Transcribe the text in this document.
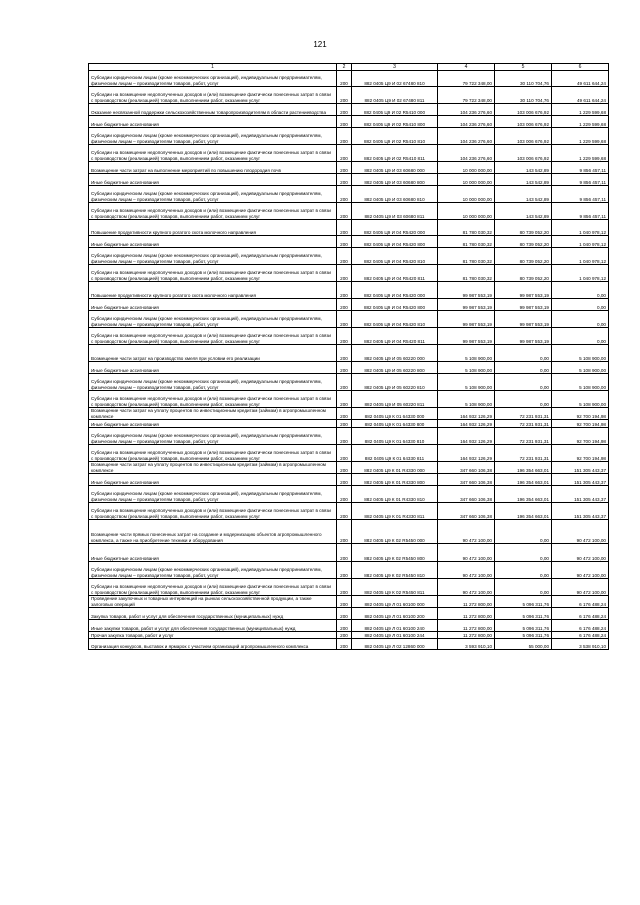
121
1	2	3	4	5	6
Субсидии юридическим лицам (кроме некоммерческих организаций), индивидуальным предпринимателям, физическим лицам – производителям товаров, работ, услуг	200	882 0405 Ц9 И 02 67480 810	79 722 348,00	30 110 704,76	49 611 644,24
Субсидии на возмещение недополученных доходов и (или) возмещение фактически понесенных затрат в связи с производством (реализацией) товаров, выполнением работ, оказанием услуг	200	882 0405 Ц9 И 02 67480 811	79 722 348,00	30 110 704,76	49 611 644,24
Оказание несвязанной поддержки сельскохозяйственным товаропроизводителям в области растениеводства	200	882 0405 Ц9 И 02 R5410 000	104 236 276,60	103 006 676,92	1 229 599,68
Иные бюджетные ассигнования	200	882 0405 Ц9 И 02 R5410 800	104 236 276,60	103 006 676,92	1 229 599,68
Субсидии юридическим лицам (кроме некоммерческих организаций), индивидуальным предпринимателям, физическим лицам – производителям товаров, работ, услуг	200	882 0405 Ц9 И 02 R5410 810	104 236 276,60	103 006 676,92	1 229 599,68
Субсидии на возмещение недополученных доходов и (или) возмещение фактически понесенных затрат в связи с производством (реализацией) товаров, выполнением работ, оказанием услуг	200	882 0405 Ц9 И 02 R5410 811	104 236 276,60	103 006 676,92	1 229 599,68
Возмещение части затрат на выполнение мероприятий по повышению плодородия почв	200	882 0405 Ц9 И 03 60680 000	10 000 000,00	143 542,89	9 856 457,11
Иные бюджетные ассигнования	200	882 0405 Ц9 И 03 60680 800	10 000 000,00	143 542,89	9 856 457,11
Субсидии юридическим лицам (кроме некоммерческих организаций), индивидуальным предпринимателям, физическим лицам – производителям товаров, работ, услуг	200	882 0405 Ц9 И 03 60680 810	10 000 000,00	143 542,89	9 856 457,11
Субсидии на возмещение недополученных доходов и (или) возмещение фактически понесенных затрат в связи с производством (реализацией) товаров, выполнением работ, оказанием услуг	200	882 0405 Ц9 И 03 60680 811	10 000 000,00	143 542,89	9 856 457,11
Повышение продуктивности крупного рогатого скота молочного направления	200	882 0405 Ц9 И 04 R5420 000	81 780 030,32	80 739 052,20	1 040 978,12
Иные бюджетные ассигнования	200	882 0405 Ц9 И 04 R5420 800	81 780 030,32	80 739 052,20	1 040 978,12
Субсидии юридическим лицам (кроме некоммерческих организаций), индивидуальным предпринимателям, физическим лицам – производителям товаров, работ, услуг	200	882 0405 Ц9 И 04 R5420 810	81 780 030,32	80 739 052,20	1 040 978,12
Субсидии на возмещение недополученных доходов и (или) возмещение фактически понесенных затрат в связи с производством (реализацией) товаров, выполнением работ, оказанием услуг	200	882 0405 Ц9 И 04 R5420 811	81 780 030,32	80 739 052,20	1 040 978,12
Повышение продуктивности крупного рогатого скота молочного направления	200	882 0405 Ц9 И 04 R5420 000	99 987 553,19	99 987 553,19	0,00
Иные бюджетные ассигнования	200	882 0405 Ц9 И 04 R5420 800	99 987 553,19	99 987 553,19	0,00
Субсидии юридическим лицам (кроме некоммерческих организаций), индивидуальным предпринимателям, физическим лицам – производителям товаров, работ, услуг	200	882 0405 Ц9 И 04 R5420 810	99 987 553,19	99 987 553,19	0,00
Субсидии на возмещение недополученных доходов и (или) возмещение фактически понесенных затрат в связи с производством (реализацией) товаров, выполнением работ, оказанием услуг	200	882 0405 Ц9 И 04 R5420 811	99 987 553,19	99 987 553,19	0,00
Возмещение части затрат на производство хмеля при условии его реализации	200	882 0405 Ц9 И 05 60220 000	5 108 900,00	0,00	5 108 900,00
Иные бюджетные ассигнования	200	882 0405 Ц9 И 05 60220 800	5 108 900,00	0,00	5 108 900,00
Субсидии юридическим лицам (кроме некоммерческих организаций), индивидуальным предпринимателям, физическим лицам – производителям товаров, работ, услуг	200	882 0405 Ц9 И 05 60220 810	5 108 900,00	0,00	5 108 900,00
Субсидии на возмещение недополученных доходов и (или) возмещение фактически понесенных затрат в связи с производством (реализацией) товаров, выполнением работ, оказанием услуг	200	882 0405 Ц9 И 05 60220 811	5 108 900,00	0,00	5 108 900,00
Возмещение части затрат на уплату процентов по инвестиционным кредитам (займам) в агропромышленном комплексе	200	882 0405 Ц9 К 01 64330 000	164 932 126,29	72 231 931,31	92 700 194,98
Иные бюджетные ассигнования	200	882 0405 Ц9 К 01 64330 800	164 932 126,29	72 231 931,31	92 700 194,98
Субсидии юридическим лицам (кроме некоммерческих организаций), индивидуальным предпринимателям, физическим лицам – производителям товаров, работ, услуг	200	882 0405 Ц9 К 01 64330 810	164 932 126,29	72 231 931,31	92 700 194,98
Субсидии на возмещение недополученных доходов и (или) возмещение фактически понесенных затрат в связи с производством (реализацией) товаров, выполнением работ, оказанием услуг	200	882 0405 Ц9 К 01 64330 811	164 932 126,29	72 231 931,31	92 700 194,98
Возмещение части затрат на уплату процентов по инвестиционным кредитам (займам) в агропромышленном комплексе	200	882 0405 Ц9 К 01 R4330 000	347 660 106,38	196 354 663,01	151 305 443,37
Иные бюджетные ассигнования	200	882 0405 Ц9 К 01 R4330 800	347 660 106,38	196 354 663,01	151 305 443,37
Субсидии юридическим лицам (кроме некоммерческих организаций), индивидуальным предпринимателям, физическим лицам – производителям товаров, работ, услуг	200	882 0405 Ц9 К 01 R4330 810	347 660 106,38	196 354 663,01	151 305 443,37
Субсидии на возмещение недополученных доходов и (или) возмещение фактически понесенных затрат в связи с производством (реализацией) товаров, выполнением работ, оказанием услуг	200	882 0405 Ц9 К 01 R4330 811	347 660 106,38	196 354 663,01	151 305 443,37
Возмещение части прямых понесенных затрат на создание и модернизацию объектов агропромышленного комплекса, а также на приобретение техники и оборудования	200	882 0405 Ц9 К 02 R5450 000	90 472 100,00	0,00	90 472 100,00
Иные бюджетные ассигнования	200	882 0405 Ц9 К 02 R5450 800	90 472 100,00	0,00	90 472 100,00
Субсидии юридическим лицам (кроме некоммерческих организаций), индивидуальным предпринимателям, физическим лицам – производителям товаров, работ, услуг	200	882 0405 Ц9 К 02 R5450 810	90 472 100,00	0,00	90 472 100,00
Субсидии на возмещение недополученных доходов и (или) возмещение фактически понесенных затрат в связи с производством (реализацией) товаров, выполнением работ, оказанием услуг	200	882 0405 Ц9 К 02 R5450 811	90 472 100,00	0,00	90 472 100,00
Проведение закупочных и товарных интервенций на рынках сельскохозяйственной продукции, а также залоговых операций	200	882 0405 Ц9 Л 01 60100 000	11 272 800,00	5 096 311,76	6 176 488,24
Закупка товаров, работ и услуг для обеспечения государственных (муниципальных) нужд	200	882 0405 Ц9 Л 01 60100 200	11 272 800,00	5 096 311,76	6 176 488,24
Иные закупки товаров, работ и услуг для обеспечения государственных (муниципальных) нужд	200	882 0405 Ц9 Л 01 60100 240	11 272 800,00	5 096 311,76	6 176 488,24
Прочая закупка товаров, работ и услуг	200	882 0405 Ц9 Л 01 60100 244	11 272 800,00	5 096 311,76	6 176 488,24
Организация конкурсов, выставок и ярмарок с участием организаций агропромышленного комплекса	200	882 0405 Ц9 Л 02 12860 000	3 593 910,10	55 000,00	3 538 910,10
